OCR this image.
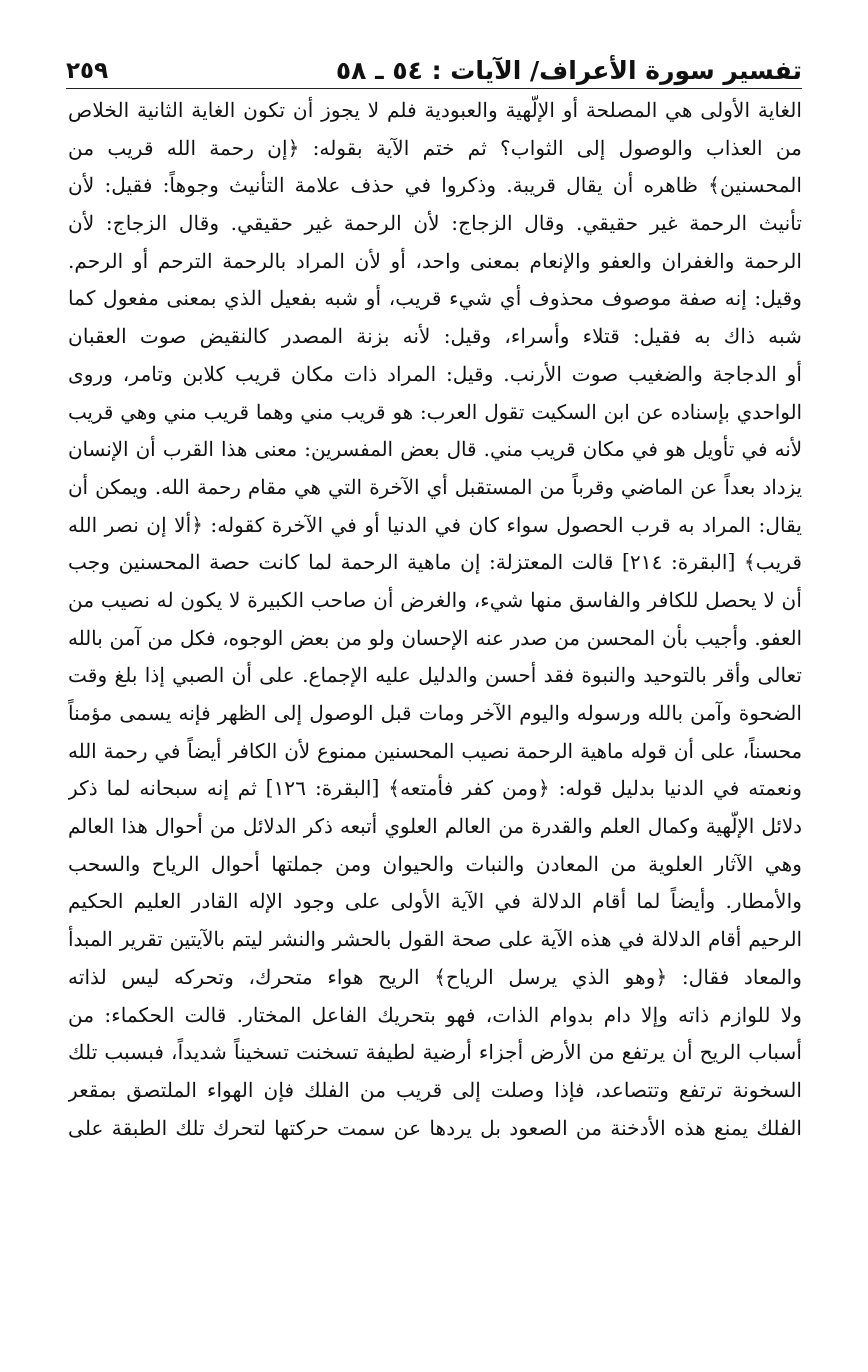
تفسير سورة الأعراف/ الآيات : ٥٤ ـ ٥٨
٢٥٩
الغاية الأولى هي المصلحة أو الإلّهية والعبودية فلم لا يجوز أن تكون الغاية الثانية الخلاص
من العذاب والوصول إلى الثواب؟ ثم ختم الآية بقوله: ﴿إن رحمة الله قريب من
المحسنين﴾ ظاهره أن يقال قريبة. وذكروا في حذف علامة التأنيث وجوهاً: فقيل: لأن
تأنيث الرحمة غير حقيقي. وقال الزجاج: لأن الرحمة غير حقيقي. وقال الزجاج: لأن
الرحمة والغفران والعفو والإنعام بمعنى واحد، أو لأن المراد بالرحمة الترحم أو الرحم.
وقيل: إنه صفة موصوف محذوف أي شيء قريب، أو شبه بفعيل الذي بمعنى مفعول كما
شبه ذاك به فقيل: قتلاء وأسراء، وقيل: لأنه بزنة المصدر كالنقيض صوت العقبان
أو الدجاجة والضغيب صوت الأرنب. وقيل: المراد ذات مكان قريب كلابن وتامر، وروى
الواحدي بإسناده عن ابن السكيت تقول العرب: هو قريب مني وهما قريب مني وهي قريب
لأنه في تأويل هو في مكان قريب مني. قال بعض المفسرين: معنى هذا القرب أن الإنسان
يزداد بعداً عن الماضي وقرباً من المستقبل أي الآخرة التي هي مقام رحمة الله. ويمكن أن
يقال: المراد به قرب الحصول سواء كان في الدنيا أو في الآخرة كقوله: ﴿ألا إن نصر الله
قريب﴾ [البقرة: ٢١٤] قالت المعتزلة: إن ماهية الرحمة لما كانت حصة المحسنين وجب
أن لا يحصل للكافر والفاسق منها شيء، والغرض أن صاحب الكبيرة لا يكون له نصيب من
العفو. وأجيب بأن المحسن من صدر عنه الإحسان ولو من بعض الوجوه، فكل من آمن بالله
تعالى وأقر بالتوحيد والنبوة فقد أحسن والدليل عليه الإجماع. على أن الصبي إذا بلغ وقت
الضحوة وآمن بالله ورسوله واليوم الآخر ومات قبل الوصول إلى الظهر فإنه يسمى مؤمناً
محسناً، على أن قوله ماهية الرحمة نصيب المحسنين ممنوع لأن الكافر أيضاً في رحمة الله
ونعمته في الدنيا بدليل قوله: ﴿ومن كفر فأمتعه﴾ [البقرة: ١٢٦] ثم إنه سبحانه لما ذكر
دلائل الإلّهية وكمال العلم والقدرة من العالم العلوي أتبعه ذكر الدلائل من أحوال هذا العالم
وهي الآثار العلوية من المعادن والنبات والحيوان ومن جملتها أحوال الرياح والسحب
والأمطار. وأيضاً لما أقام الدلالة في الآية الأولى على وجود الإله القادر العليم الحكيم
الرحيم أقام الدلالة في هذه الآية على صحة القول بالحشر والنشر ليتم بالآيتين تقرير المبدأ
والمعاد فقال: ﴿وهو الذي يرسل الرياح﴾ الريح هواء متحرك، وتحركه ليس لذاته
ولا للوازم ذاته وإلا دام بدوام الذات، فهو بتحريك الفاعل المختار. قالت الحكماء: من
أسباب الريح أن يرتفع من الأرض أجزاء أرضية لطيفة تسخنت تسخيناً شديداً، فبسبب تلك
السخونة ترتفع وتتصاعد، فإذا وصلت إلى قريب من الفلك فإن الهواء الملتصق بمقعر
الفلك يمنع هذه الأدخنة من الصعود بل يردها عن سمت حركتها لتحرك تلك الطبقة على
